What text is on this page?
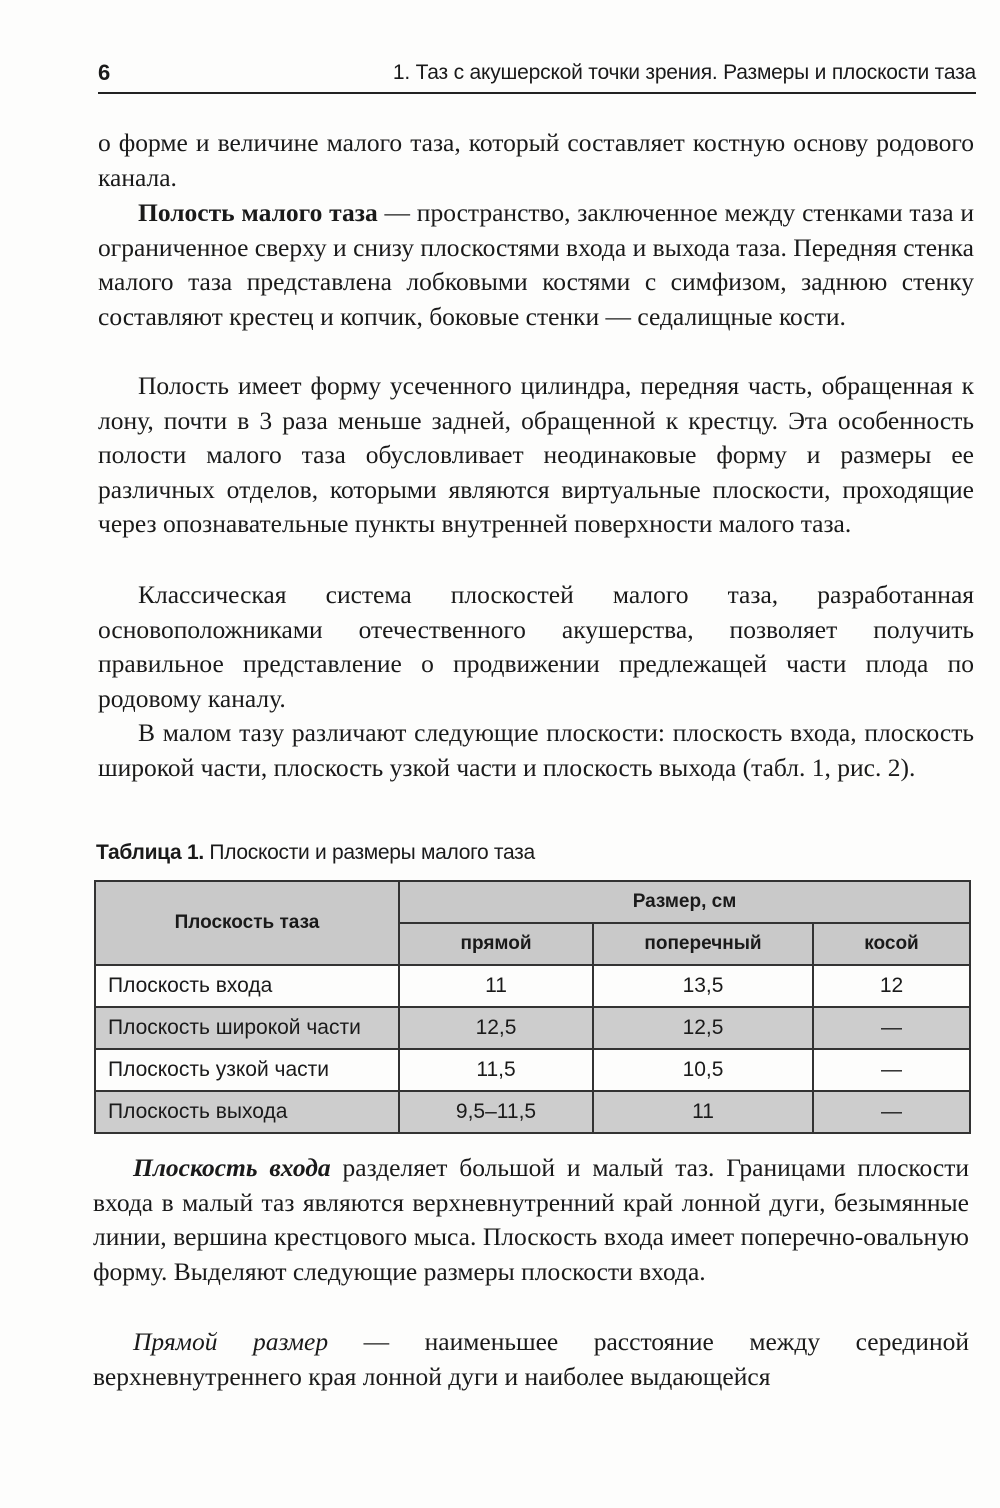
6	1. Таз с акушерской точки зрения. Размеры и плоскости таза

о форме и величине малого таза, который составляет костную основу родового канала.

Полость малого таза — пространство, заключенное между стенками таза и ограниченное сверху и снизу плоскостями входа и выхода таза. Передняя стенка малого таза представлена лобковыми костями с симфизом, заднюю стенку составляют крестец и копчик, боковые стенки — седалищные кости.

Полость имеет форму усеченного цилиндра, передняя часть, обращенная к лону, почти в 3 раза меньше задней, обращенной к крестцу. Эта особенность полости малого таза обусловливает неодинаковые форму и размеры ее различных отделов, которыми являются виртуальные плоскости, проходящие через опознавательные пункты внутренней поверхности малого таза.

Классическая система плоскостей малого таза, разработанная основоположниками отечественного акушерства, позволяет получить правильное представление о продвижении предлежащей части плода по родовому каналу.

В малом тазу различают следующие плоскости: плоскость входа, плоскость широкой части, плоскость узкой части и плоскость выхода (табл. 1, рис. 2).

Таблица 1. Плоскости и размеры малого таза
Плоскость таза	Размер, см		
	прямой	поперечный	косой
Плоскость входа	11	13,5	12
Плоскость широкой части	12,5	12,5	—
Плоскость узкой части	11,5	10,5	—
Плоскость выхода	9,5–11,5	11	—

Плоскость входа разделяет большой и малый таз. Границами плоскости входа в малый таз являются верхневнутренний край лонной дуги, безымянные линии, вершина крестцового мыса. Плоскость входа имеет поперечно-овальную форму. Выделяют следующие размеры плоскости входа.

Прямой размер — наименьшее расстояние между серединой верхневнутреннего края лонной дуги и наиболее выдающейся
